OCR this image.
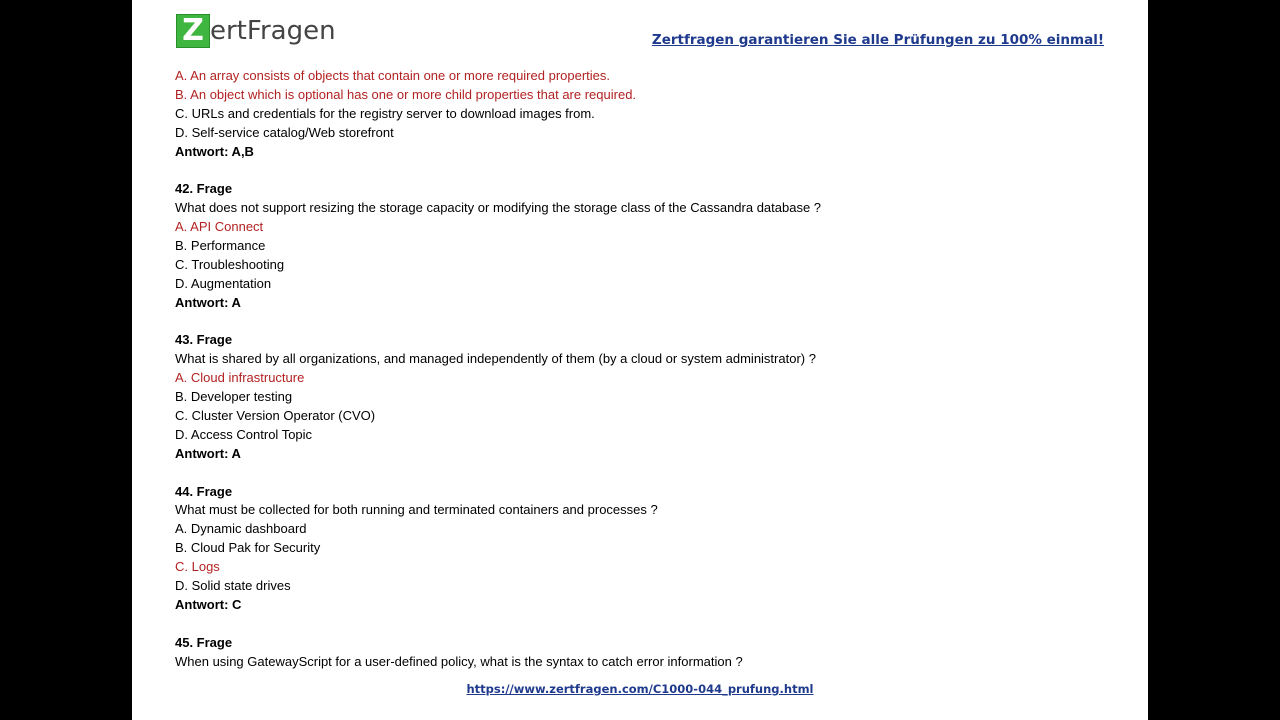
Z ertFragen	Zertfragen garantieren Sie alle Prüfungen zu 100% einmal!
A. An array consists of objects that contain one or more required properties.
B. An object which is optional has one or more child properties that are required.
C. URLs and credentials for the registry server to download images from.
D. Self-service catalog/Web storefront
Antwort: A,B
42. Frage
What does not support resizing the storage capacity or modifying the storage class of the Cassandra database ?
A. API Connect
B. Performance
C. Troubleshooting
D. Augmentation
Antwort: A
43. Frage
What is shared by all organizations, and managed independently of them (by a cloud or system administrator) ?
A. Cloud infrastructure
B. Developer testing
C. Cluster Version Operator (CVO)
D. Access Control Topic
Antwort: A
44. Frage
What must be collected for both running and terminated containers and processes ?
A. Dynamic dashboard
B. Cloud Pak for Security
C. Logs
D. Solid state drives
Antwort: C
45. Frage
When using GatewayScript for a user-defined policy, what is the syntax to catch error information ?
https://www.zertfragen.com/C1000-044_prufung.html
